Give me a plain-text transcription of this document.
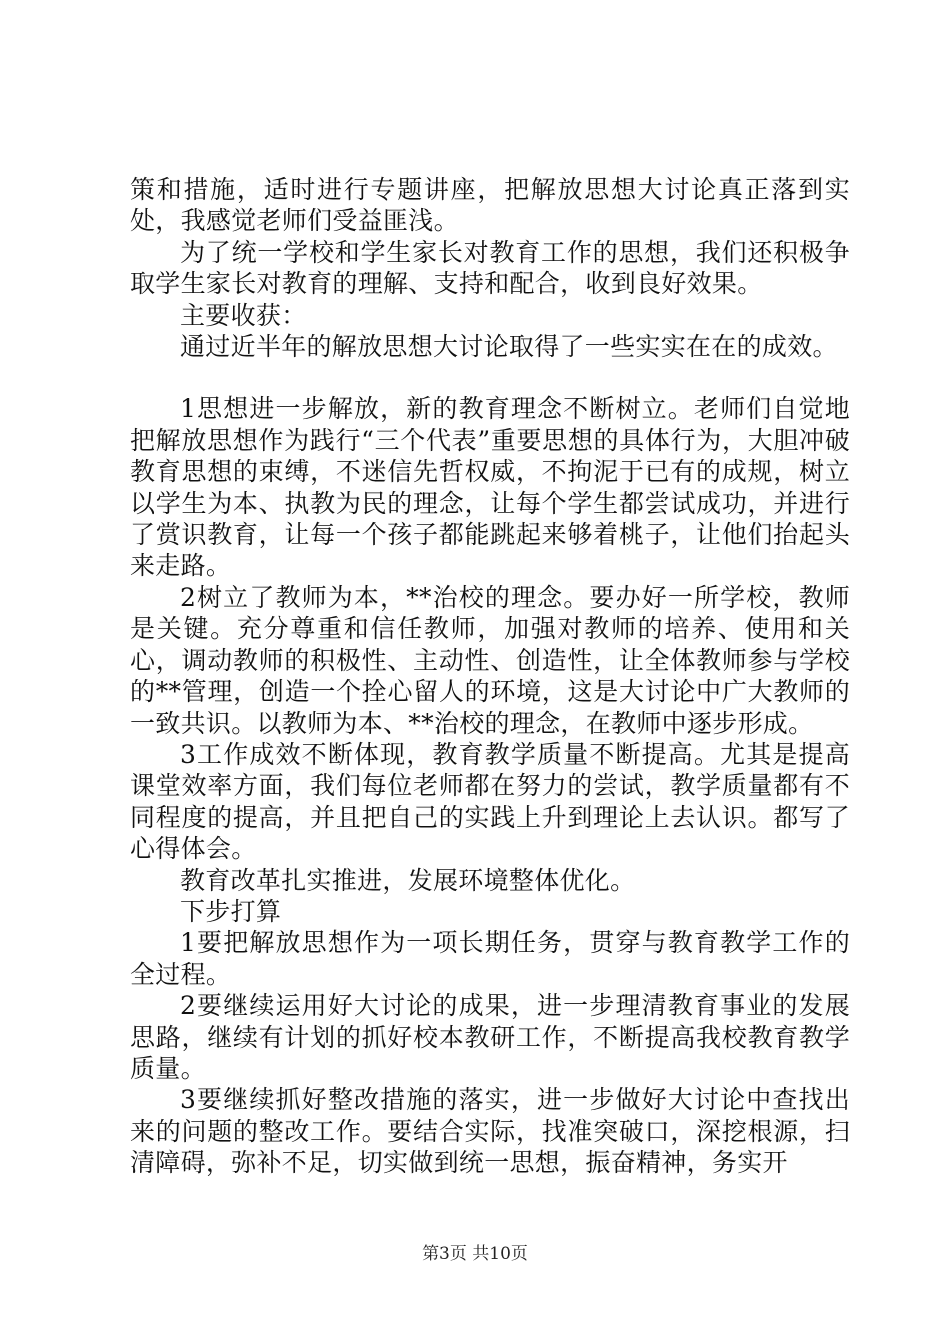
策和措施，适时进行专题讲座，把解放思想大讨论真正落到实处，我感觉老师们受益匪浅。

为了统一学校和学生家长对教育工作的思想，我们还积极争取学生家长对教育的理解、支持和配合，收到良好效果。

主要收获：

通过近半年的解放思想大讨论取得了一些实实在在的成效。

1思想进一步解放，新的教育理念不断树立。老师们自觉地把解放思想作为践行“三个代表”重要思想的具体行为，大胆冲破教育思想的束缚，不迷信先哲权威，不拘泥于已有的成规，树立以学生为本、执教为民的理念，让每个学生都尝试成功，并进行了赏识教育，让每一个孩子都能跳起来够着桃子，让他们抬起头来走路。

2树立了教师为本，**治校的理念。要办好一所学校，教师是关键。充分尊重和信任教师，加强对教师的培养、使用和关心，调动教师的积极性、主动性、创造性，让全体教师参与学校的**管理，创造一个拴心留人的环境，这是大讨论中广大教师的一致共识。以教师为本、**治校的理念，在教师中逐步形成。

3工作成效不断体现，教育教学质量不断提高。尤其是提高课堂效率方面，我们每位老师都在努力的尝试，教学质量都有不同程度的提高，并且把自己的实践上升到理论上去认识。都写了心得体会。

教育改革扎实推进，发展环境整体优化。

下步打算

1要把解放思想作为一项长期任务，贯穿与教育教学工作的全过程。

2要继续运用好大讨论的成果，进一步理清教育事业的发展思路，继续有计划的抓好校本教研工作，不断提高我校教育教学质量。

3要继续抓好整改措施的落实，进一步做好大讨论中查找出来的问题的整改工作。要结合实际，找准突破口，深挖根源，扫清障碍，弥补不足，切实做到统一思想，振奋精神，务实开

第3页 共10页
